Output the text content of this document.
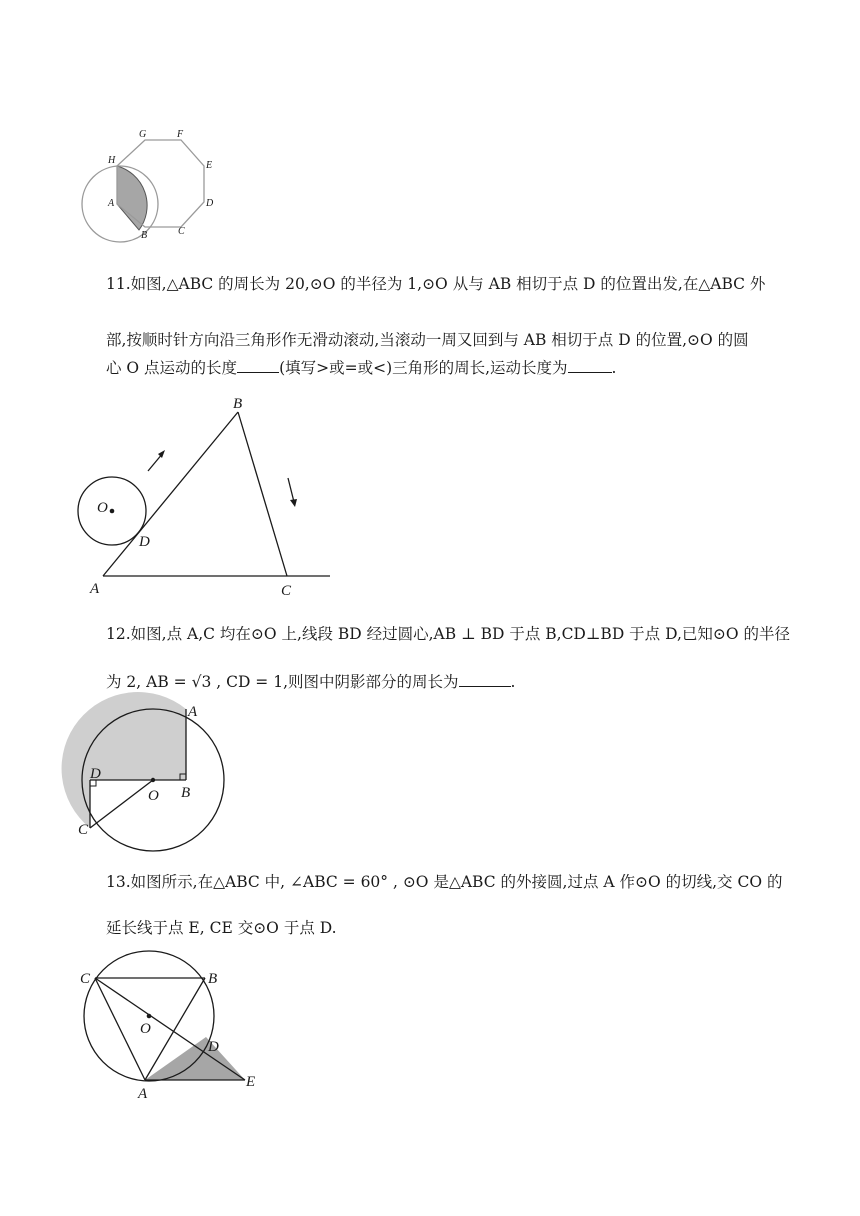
G	F
H	E
A	D
B	C
11.如图,△ABC 的周长为 20,⊙O 的半径为 1,⊙O 从与 AB 相切于点 D 的位置出发,在△ABC 外
部,按顺时针方向沿三角形作无滑动滚动,当滚动一周又回到与 AB 相切于点 D 的位置,⊙O 的圆
心 O 点运动的长度	(填写>或=或<)三角形的周长,运动长度为	.
B
O
D
A	C
12.如图,点 A,C 均在⊙O 上,线段 BD 经过圆心,AB ⊥ BD 于点 B,CD⊥BD 于点 D,已知⊙O 的半径
为 2, AB = √3 , CD = 1,则图中阴影部分的周长为	.
A
D
O B
C
13.如图所示,在△ABC 中, ∠ABC = 60° , ⊙O 是△ABC 的外接圆,过点 A 作⊙O 的切线,交 CO 的
延长线于点 E, CE 交⊙O 于点 D.
C	B
O
D
A
E
